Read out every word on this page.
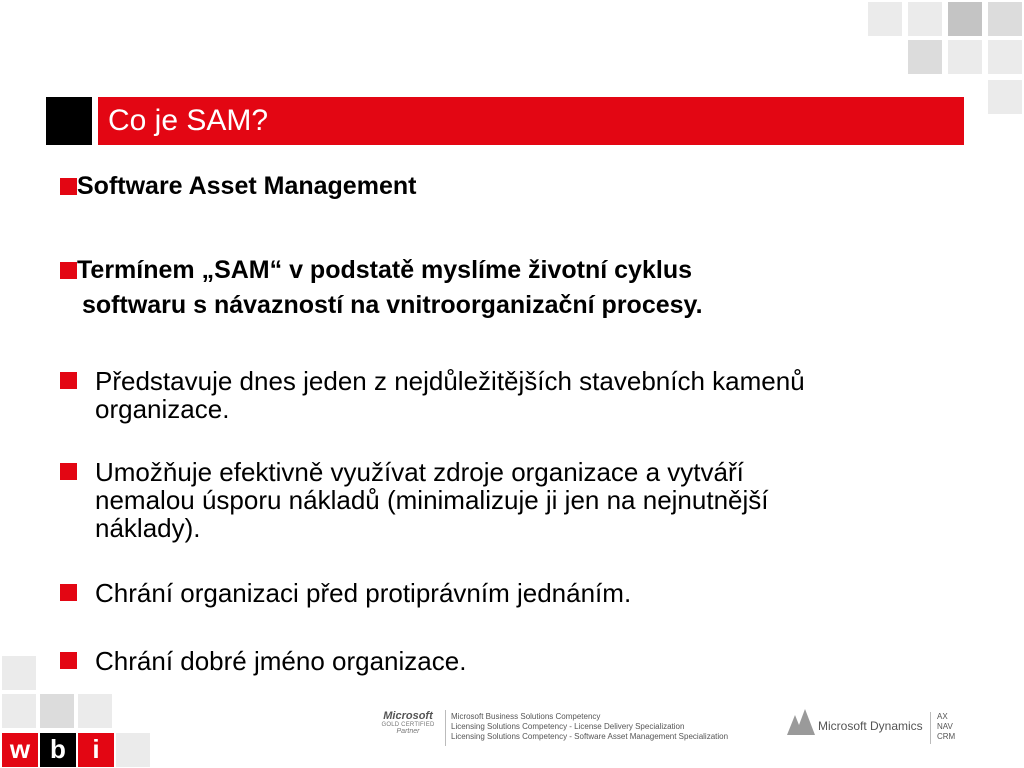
Co je SAM?
Software Asset Management
Termínem „SAM“ v podstatě myslíme životní cyklus
softwaru s návazností na vnitroorganizační procesy.
Představuje dnes jeden z nejdůležitějších stavebních kamenů
organizace.
Umožňuje efektivně využívat zdroje organizace a vytváří
nemalou úsporu nákladů (minimalizuje ji jen na nejnutnější
náklady).
Chrání organizaci před protiprávním jednáním.
Chrání dobré jméno organizace.
w b	i
Microsoft
GOLD CERTIFIED
Partner
Microsoft Business Solutions Competency
Licensing Solutions Competency - License Delivery Specialization
Licensing Solutions Competency - Software Asset Management Specialization
Microsoft Dynamics
AX
NAV
CRM
